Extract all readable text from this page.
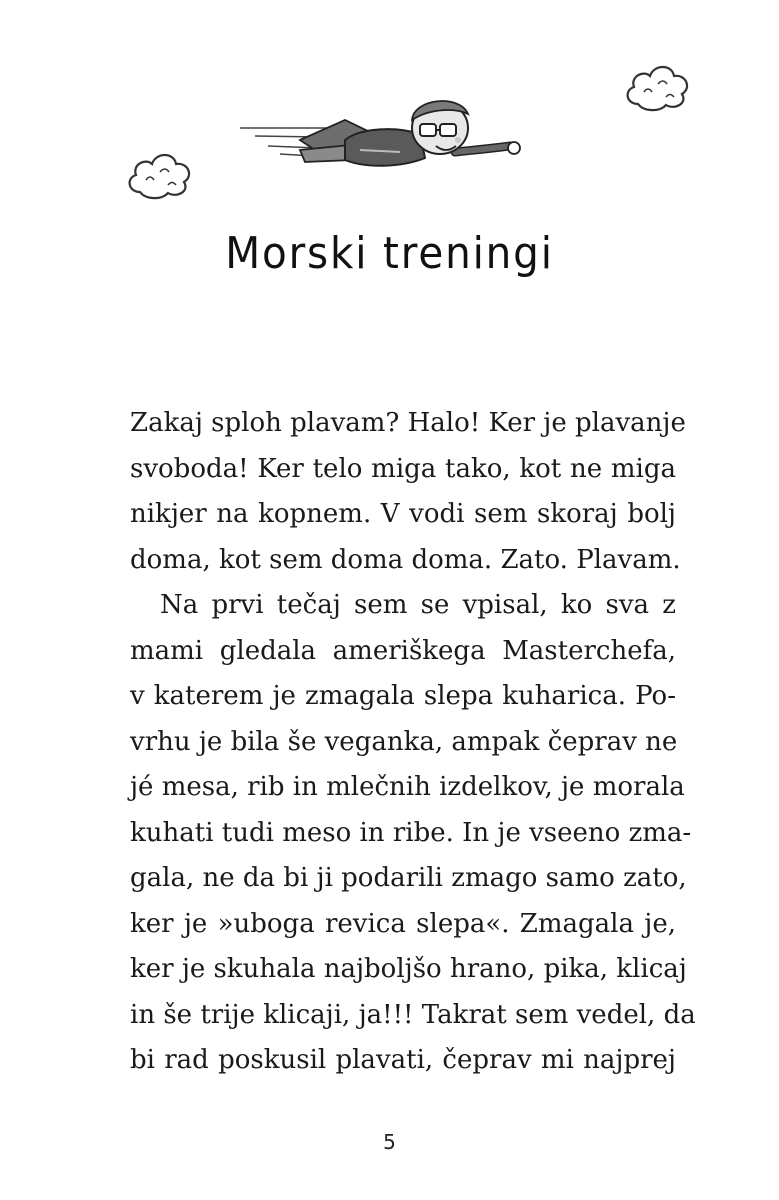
Morski treningi
Zakaj sploh plavam? Halo! Ker je plavanje
svoboda! Ker telo miga tako, kot ne miga
nikjer na kopnem. V vodi sem skoraj bolj
doma, kot sem doma doma. Zato. Plavam.
Na prvi tečaj sem se vpisal, ko sva z
mami gledala ameriškega Masterchefa,
v katerem je zmagala slepa kuharica. Po-
vrhu je bila še veganka, ampak čeprav ne
jé mesa, rib in mlečnih izdelkov, je morala
kuhati tudi meso in ribe. In je vseeno zma-
gala, ne da bi ji podarili zmago samo zato,
ker je »uboga revica slepa«. Zmagala je,
ker je skuhala najboljšo hrano, pika, klicaj
in še trije klicaji, ja!!! Takrat sem vedel, da
bi rad poskusil plavati, čeprav mi najprej
5
